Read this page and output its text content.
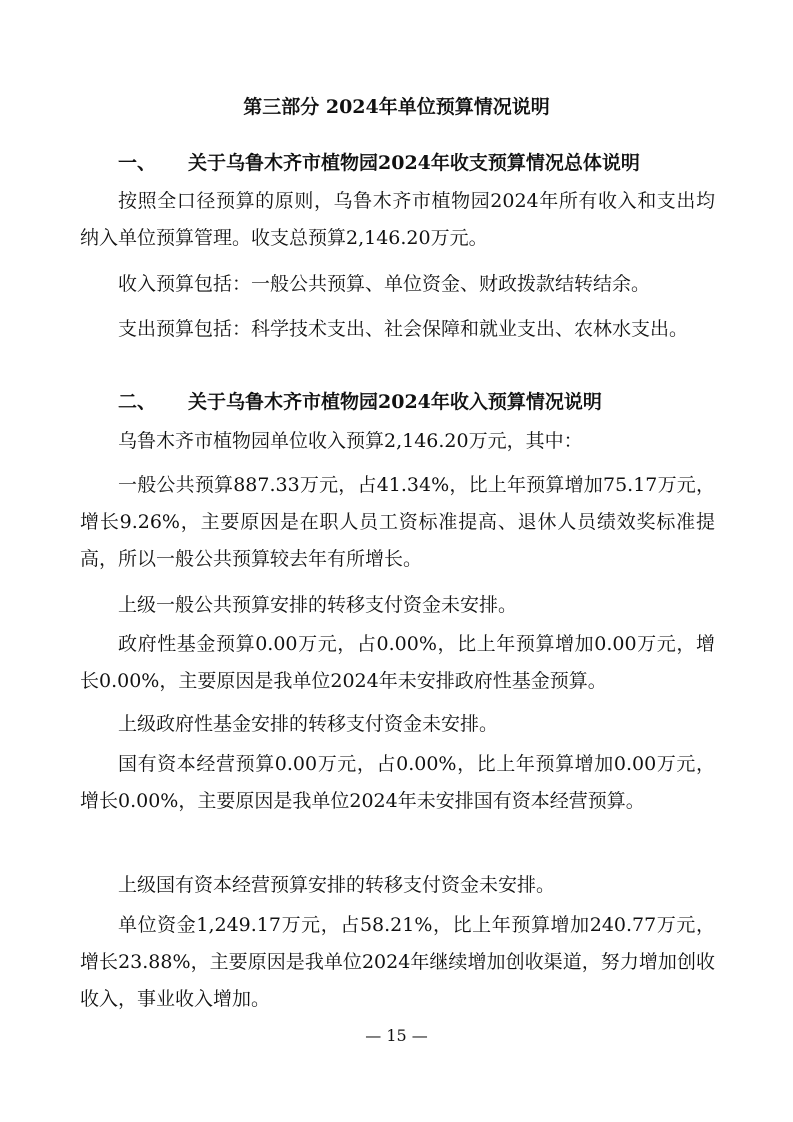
第三部分 2024年单位预算情况说明
一、 关于乌鲁木齐市植物园2024年收支预算情况总体说明

按照全口径预算的原则，乌鲁木齐市植物园2024年所有收入和支出均纳入单位预算管理。收支总预算2,146.20万元。

收入预算包括：一般公共预算、单位资金、财政拨款结转结余。

支出预算包括：科学技术支出、社会保障和就业支出、农林水支出。

二、 关于乌鲁木齐市植物园2024年收入预算情况说明

乌鲁木齐市植物园单位收入预算2,146.20万元，其中：

一般公共预算887.33万元，占41.34%，比上年预算增加75.17万元，增长9.26%，主要原因是在职人员工资标准提高、退休人员绩效奖标准提高，所以一般公共预算较去年有所增长。

上级一般公共预算安排的转移支付资金未安排。

政府性基金预算0.00万元，占0.00%，比上年预算增加0.00万元，增长0.00%，主要原因是我单位2024年未安排政府性基金预算。

上级政府性基金安排的转移支付资金未安排。

国有资本经营预算0.00万元，占0.00%，比上年预算增加0.00万元，增长0.00%，主要原因是我单位2024年未安排国有资本经营预算。

上级国有资本经营预算安排的转移支付资金未安排。

单位资金1,249.17万元，占58.21%，比上年预算增加240.77万元，增长23.88%，主要原因是我单位2024年继续增加创收渠道，努力增加创收收入，事业收入增加。

— 15 —
